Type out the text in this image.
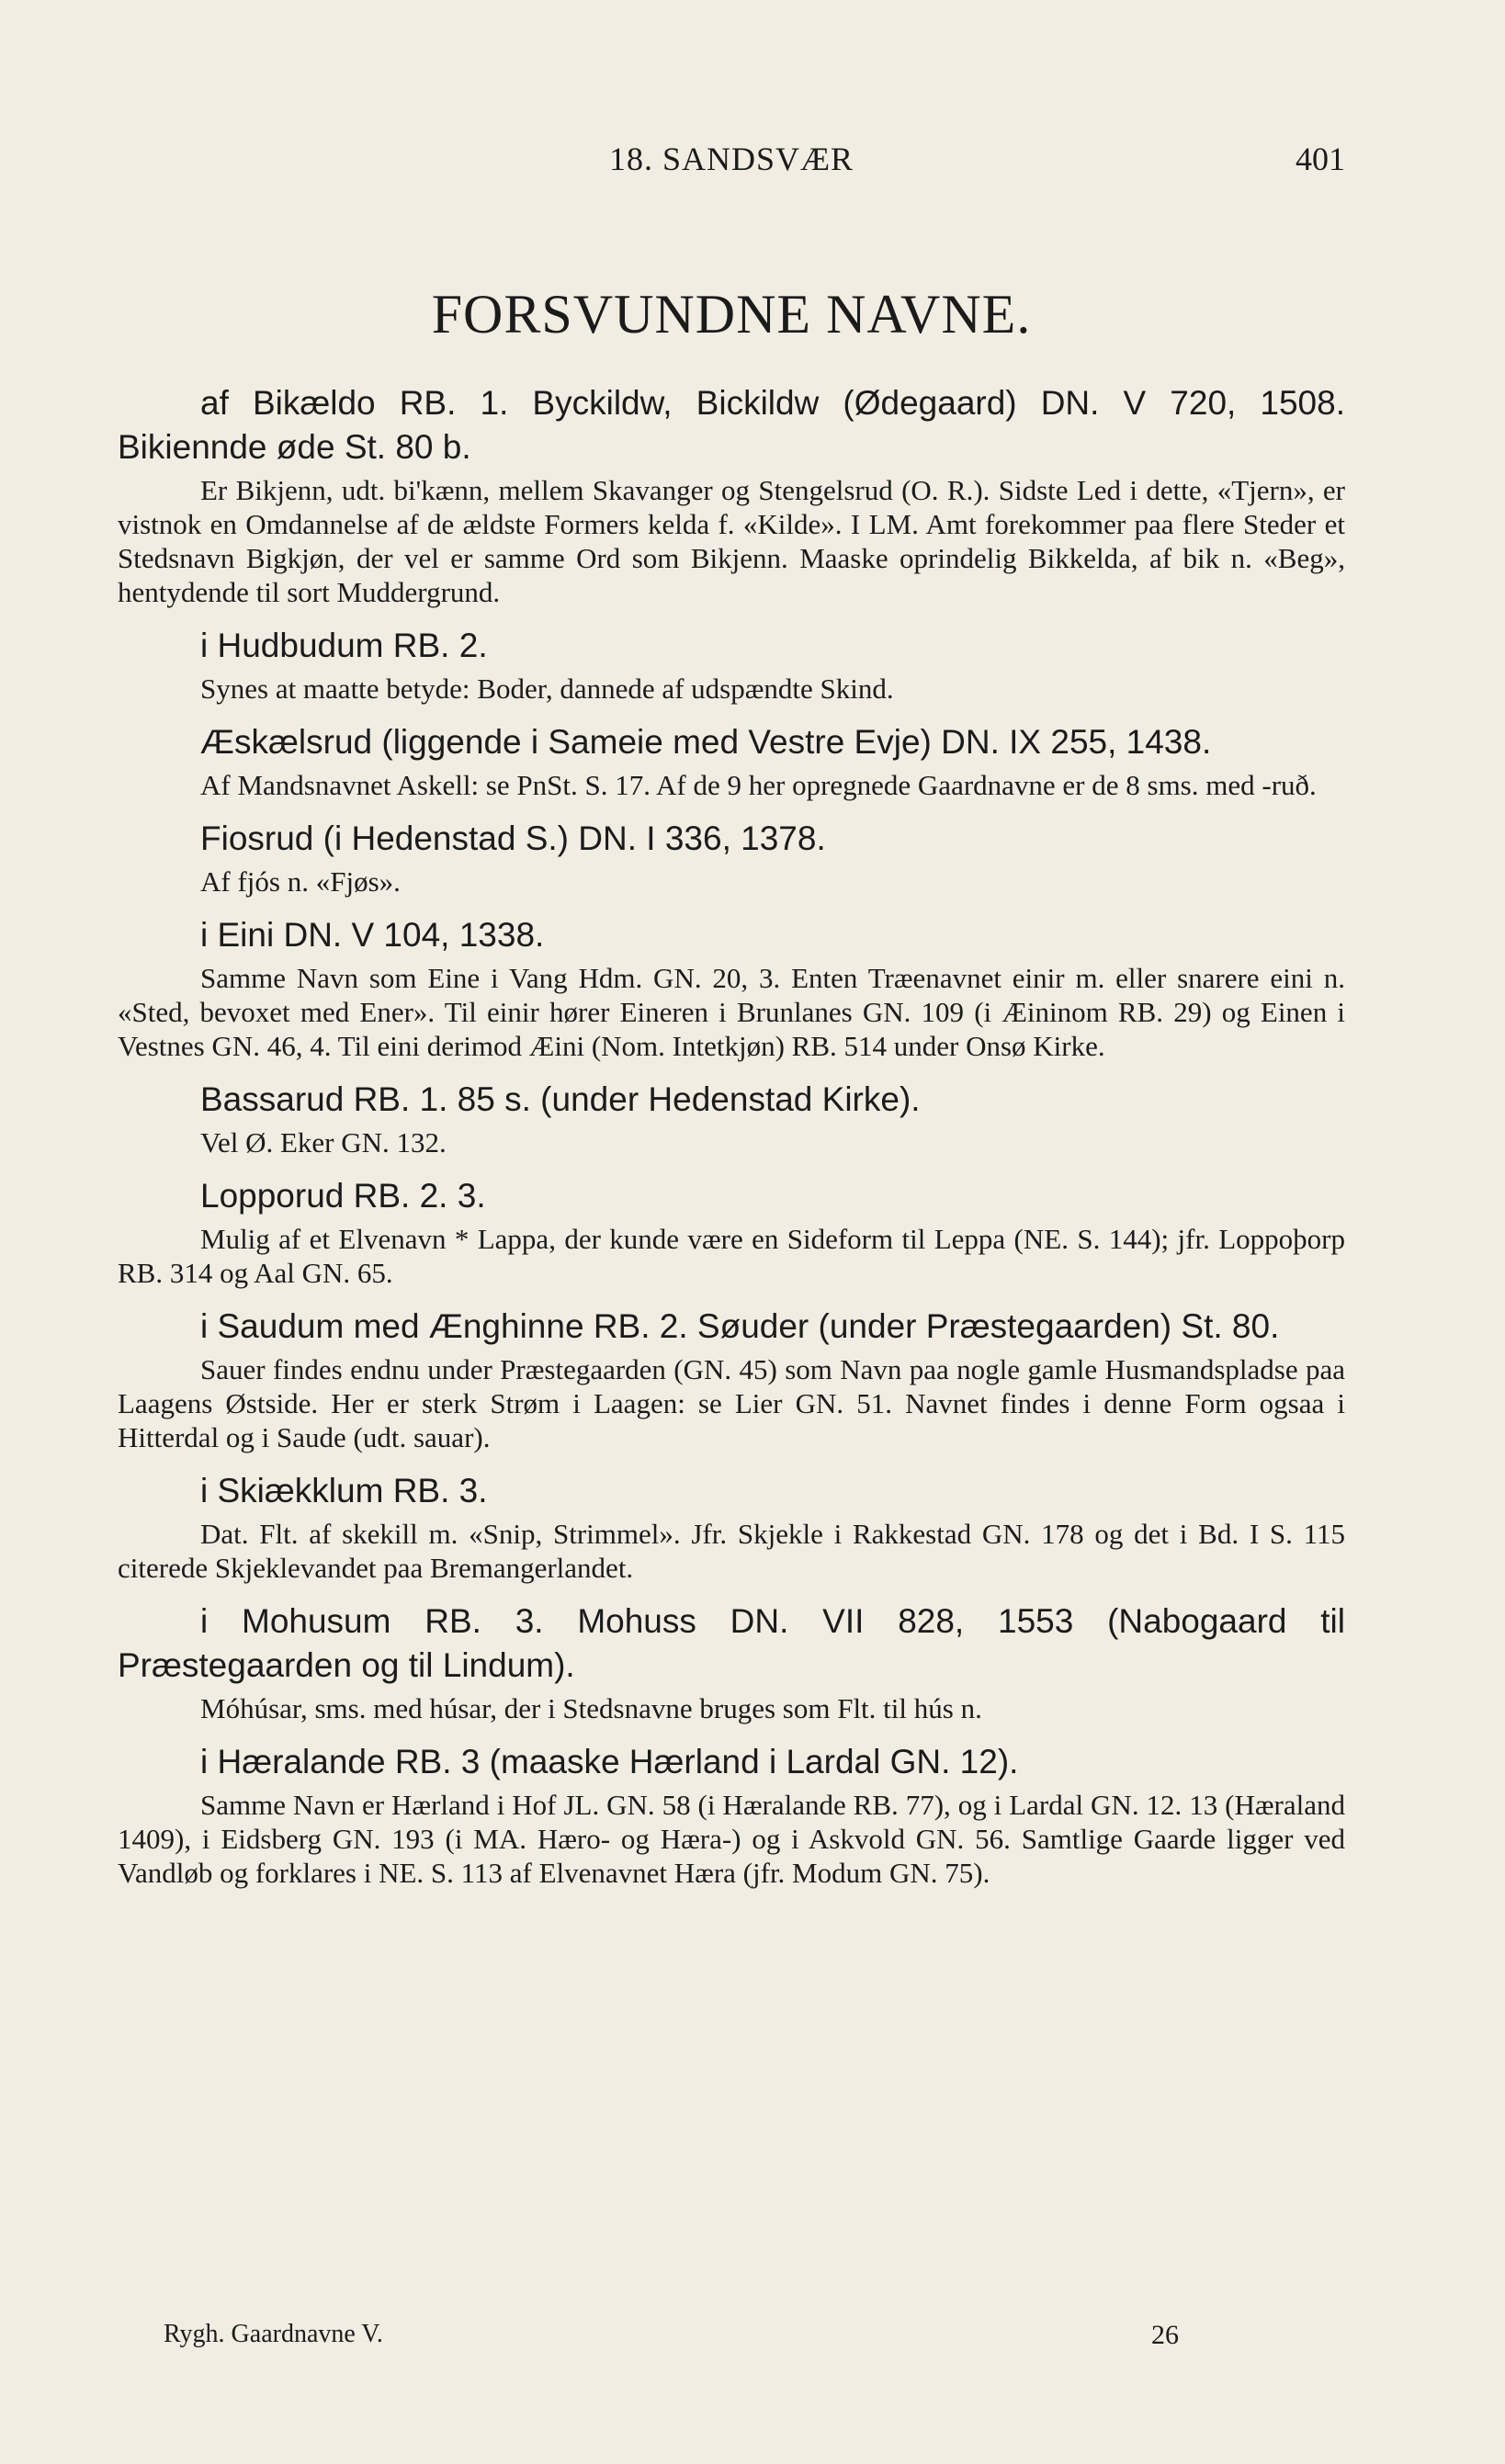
18. SANDSVÆR	401
FORSVUNDNE NAVNE.

af Bikældo RB. 1. Byckildw, Bickildw (Ødegaard) DN. V 720, 1508. Bikiennde øde St. 80 b.

Er Bikjenn, udt. bi'kænn, mellem Skavanger og Stengelsrud (O. R.). Sidste Led i dette, «Tjern», er vistnok en Omdannelse af de ældste Formers kelda f. «Kilde». I LM. Amt forekommer paa flere Steder et Stedsnavn Bigkjøn, der vel er samme Ord som Bikjenn. Maaske oprindelig Bikkelda, af bik n. «Beg», hentydende til sort Muddergrund.

i Hudbudum RB. 2.

Synes at maatte betyde: Boder, dannede af udspændte Skind.

Æskælsrud (liggende i Sameie med Vestre Evje) DN. IX 255, 1438.

Af Mandsnavnet Askell: se PnSt. S. 17. Af de 9 her opregnede Gaardnavne er de 8 sms. med -ruð.

Fiosrud (i Hedenstad S.) DN. I 336, 1378.

Af fjós n. «Fjøs».

i Eini DN. V 104, 1338.

Samme Navn som Eine i Vang Hdm. GN. 20, 3. Enten Træenavnet einir m. eller snarere eini n. «Sted, bevoxet med Ener». Til einir hører Eineren i Brunlanes GN. 109 (i Æininom RB. 29) og Einen i Vestnes GN. 46, 4. Til eini derimod Æini (Nom. Intetkjøn) RB. 514 under Onsø Kirke.

Bassarud RB. 1. 85 s. (under Hedenstad Kirke).

Vel Ø. Eker GN. 132.

Lopporud RB. 2. 3.

Mulig af et Elvenavn * Lappa, der kunde være en Sideform til Leppa (NE. S. 144); jfr. Loppoþorp RB. 314 og Aal GN. 65.

i Saudum med Ænghinne RB. 2. Søuder (under Præstegaarden) St. 80.

Sauer findes endnu under Præstegaarden (GN. 45) som Navn paa nogle gamle Husmandspladse paa Laagens Østside. Her er sterk Strøm i Laagen: se Lier GN. 51. Navnet findes i denne Form ogsaa i Hitterdal og i Saude (udt. sauar).

i Skiækklum RB. 3.

Dat. Flt. af skekill m. «Snip, Strimmel». Jfr. Skjekle i Rakkestad GN. 178 og det i Bd. I S. 115 citerede Skjeklevandet paa Bremangerlandet.

i Mohusum RB. 3. Mohuss DN. VII 828, 1553 (Nabogaard til Præstegaarden og til Lindum).

Móhúsar, sms. med húsar, der i Stedsnavne bruges som Flt. til hús n.

i Hæralande RB. 3 (maaske Hærland i Lardal GN. 12).

Samme Navn er Hærland i Hof JL. GN. 58 (i Hæralande RB. 77), og i Lardal GN. 12. 13 (Hæraland 1409), i Eidsberg GN. 193 (i MA. Hæro- og Hæra-) og i Askvold GN. 56. Samtlige Gaarde ligger ved Vandløb og forklares i NE. S. 113 af Elvenavnet Hæra (jfr. Modum GN. 75).

Rygh. Gaardnavne V.	26
